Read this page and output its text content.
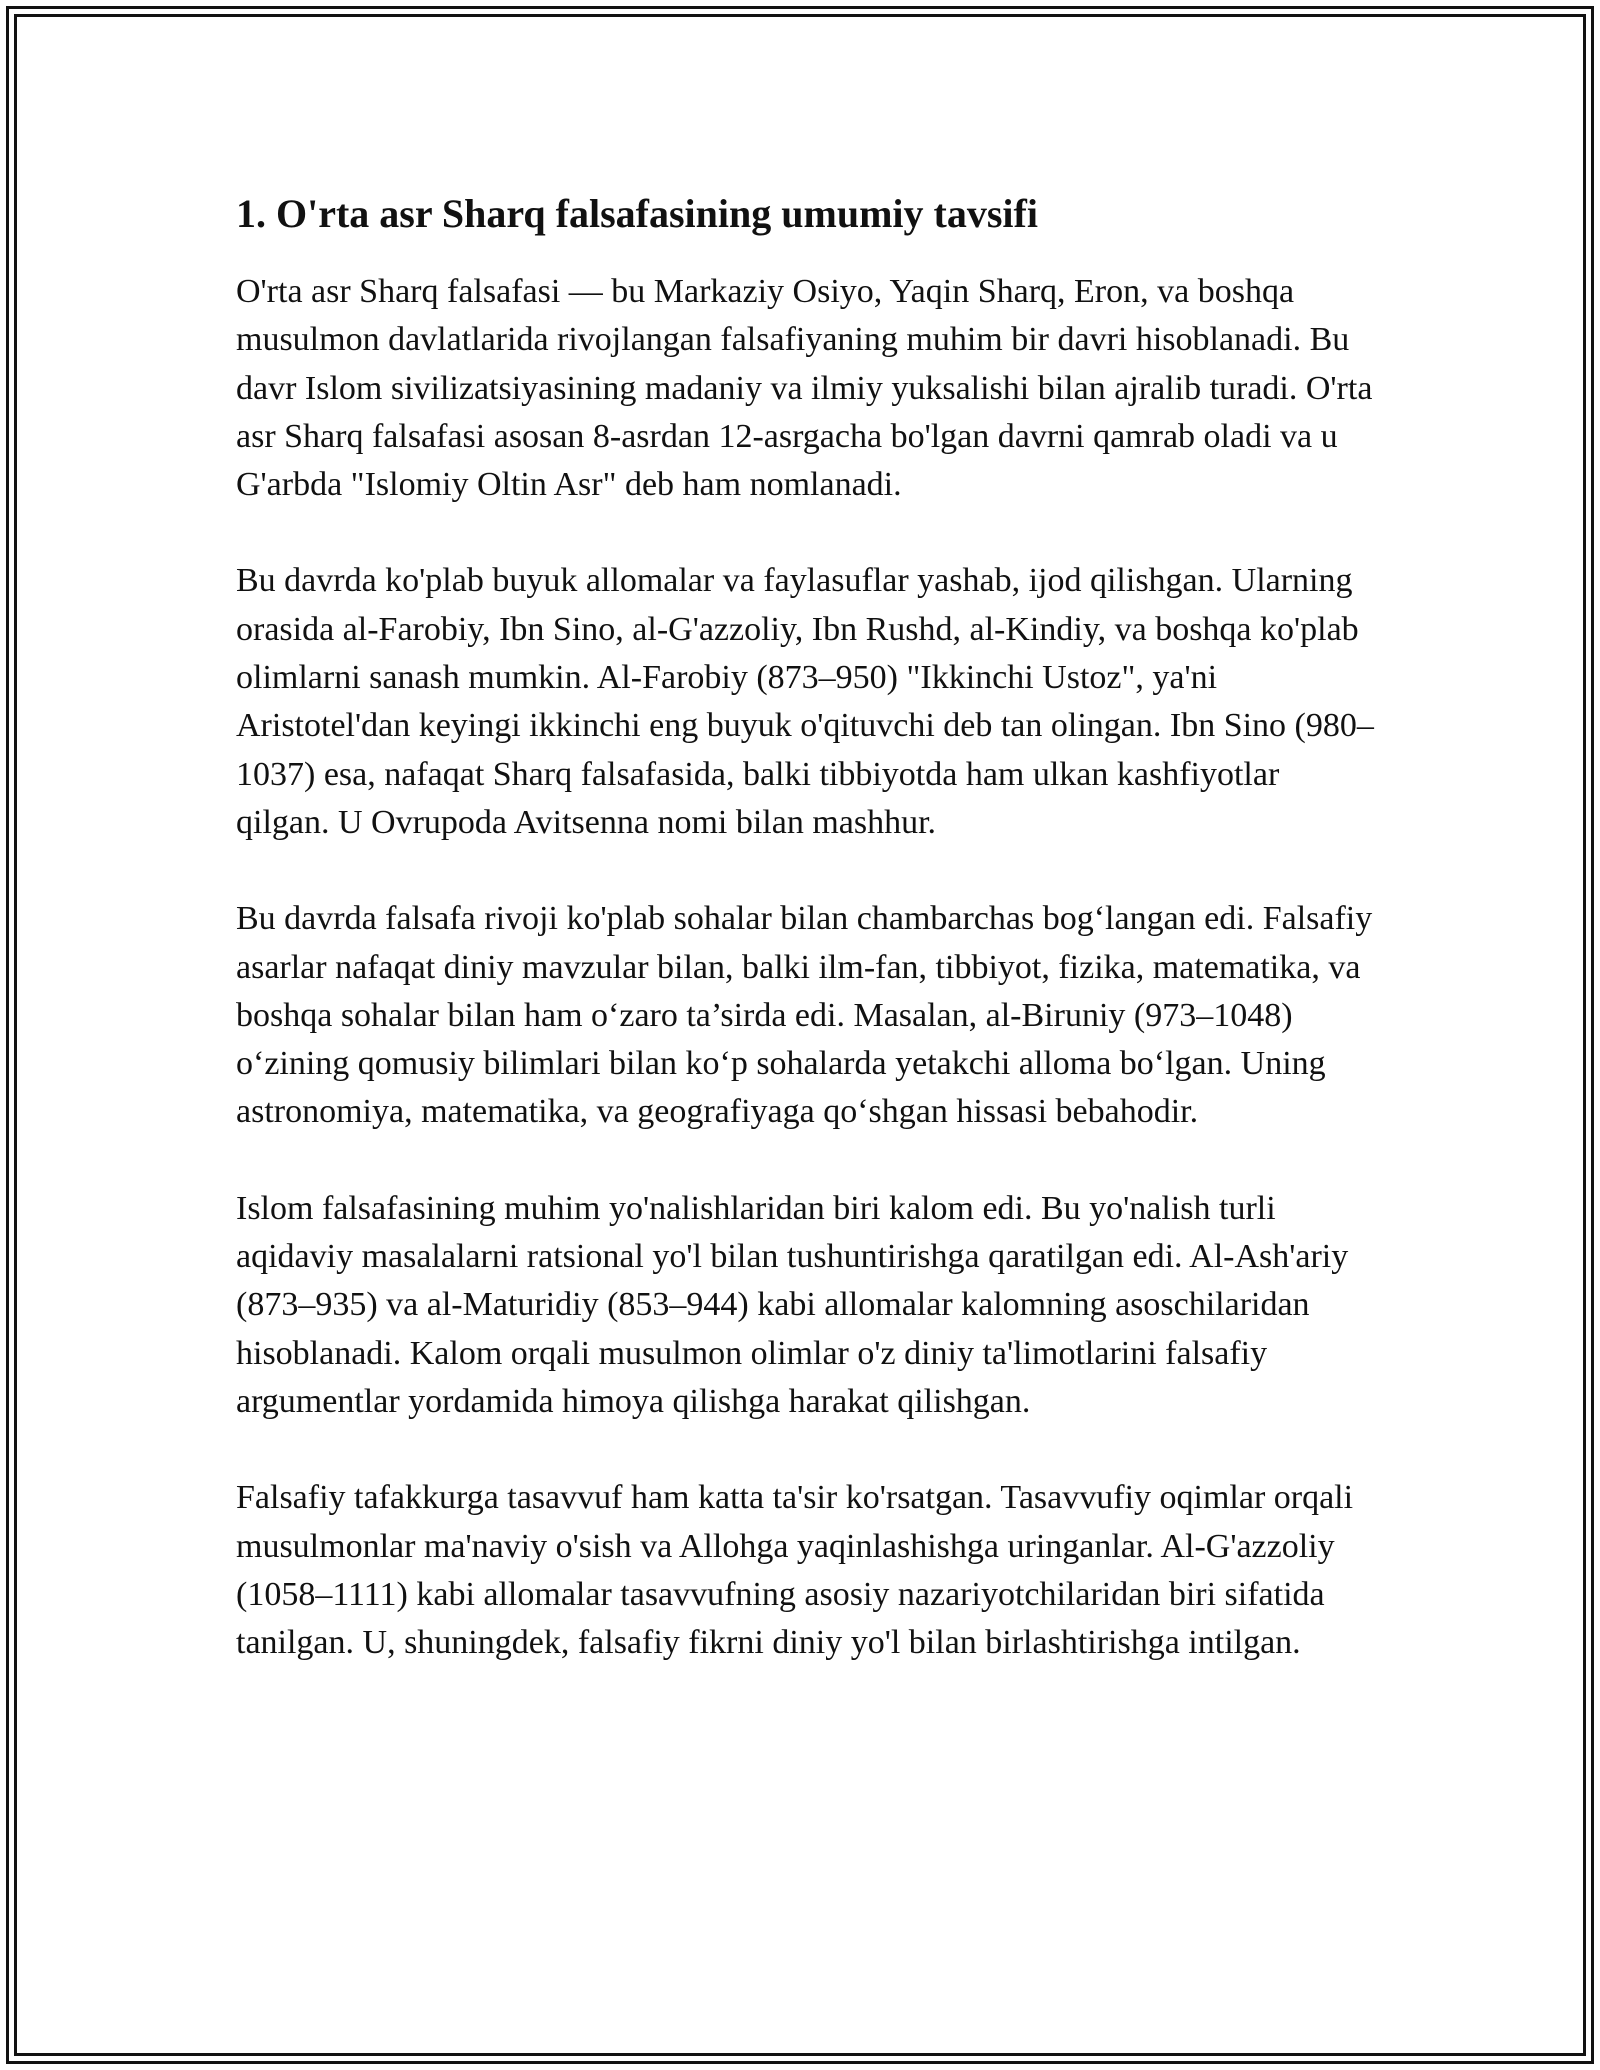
1. O'rta asr Sharq falsafasining umumiy tavsifi

O'rta asr Sharq falsafasi — bu Markaziy Osiyo, Yaqin Sharq, Eron, va boshqa musulmon davlatlarida rivojlangan falsafiyaning muhim bir davri hisoblanadi. Bu davr Islom sivilizatsiyasining madaniy va ilmiy yuksalishi bilan ajralib turadi. O'rta asr Sharq falsafasi asosan 8-asrdan 12-asrgacha bo'lgan davrni qamrab oladi va u G'arbda "Islomiy Oltin Asr" deb ham nomlanadi.

Bu davrda ko'plab buyuk allomalar va faylasuflar yashab, ijod qilishgan. Ularning orasida al-Farobiy, Ibn Sino, al-G'azzoliy, Ibn Rushd, al-Kindiy, va boshqa ko'plab olimlarni sanash mumkin. Al-Farobiy (873–950) "Ikkinchi Ustoz", ya'ni Aristotel'dan keyingi ikkinchi eng buyuk o'qituvchi deb tan olingan. Ibn Sino (980–1037) esa, nafaqat Sharq falsafasida, balki tibbiyotda ham ulkan kashfiyotlar qilgan. U Ovrupoda Avitsenna nomi bilan mashhur.

Bu davrda falsafa rivoji ko'plab sohalar bilan chambarchas bog‘langan edi. Falsafiy asarlar nafaqat diniy mavzular bilan, balki ilm-fan, tibbiyot, fizika, matematika, va boshqa sohalar bilan ham o‘zaro ta’sirda edi. Masalan, al-Biruniy (973–1048) o‘zining qomusiy bilimlari bilan ko‘p sohalarda yetakchi alloma bo‘lgan. Uning astronomiya, matematika, va geografiyaga qo‘shgan hissasi bebahodir.

Islom falsafasining muhim yo'nalishlaridan biri kalom edi. Bu yo'nalish turli aqidaviy masalalarni ratsional yo'l bilan tushuntirishga qaratilgan edi. Al-Ash'ariy (873–935) va al-Maturidiy (853–944) kabi allomalar kalomning asoschilaridan hisoblanadi. Kalom orqali musulmon olimlar o'z diniy ta'limotlarini falsafiy argumentlar yordamida himoya qilishga harakat qilishgan.

Falsafiy tafakkurga tasavvuf ham katta ta'sir ko'rsatgan. Tasavvufiy oqimlar orqali musulmonlar ma'naviy o'sish va Allohga yaqinlashishga uringanlar. Al-G'azzoliy (1058–1111) kabi allomalar tasavvufning asosiy nazariyotchilaridan biri sifatida tanilgan. U, shuningdek, falsafiy fikrni diniy yo'l bilan birlashtirishga intilgan.
